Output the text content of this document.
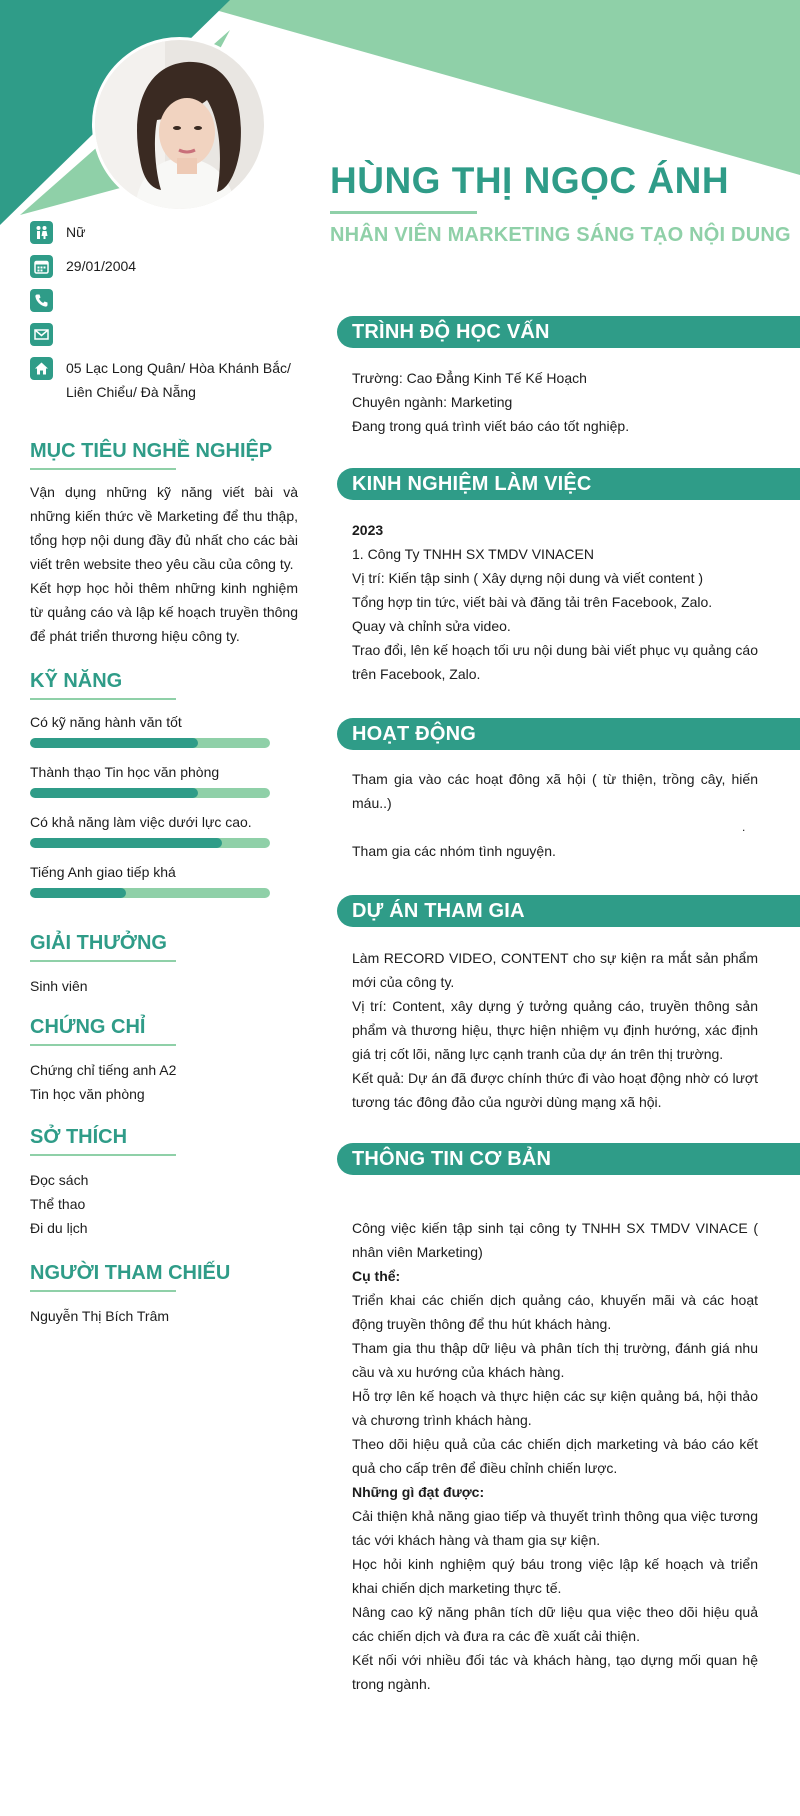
HÙNG THỊ NGỌC ÁNH
NHÂN VIÊN MARKETING SÁNG TẠO NỘI DUNG
Nữ
29/01/2004
05 Lạc Long Quân/ Hòa Khánh Bắc/
Liên Chiểu/ Đà Nẵng
MỤC TIÊU NGHỀ NGHIỆP
Vận dụng những kỹ năng viết bài và những kiến thức về Marketing để thu thập, tổng hợp nội dung đầy đủ nhất cho các bài viết trên website theo yêu cầu của công ty.
Kết hợp học hỏi thêm những kinh nghiệm từ quảng cáo và lập kế hoạch truyền thông để phát triển thương hiệu công ty.
KỸ NĂNG
Có kỹ năng hành văn tốt
Thành thạo Tin học văn phòng
Có khả năng làm việc dưới lực cao.
Tiếng Anh giao tiếp khá
GIẢI THƯỞNG
Sinh viên
CHỨNG CHỈ
Chứng chỉ tiếng anh A2
Tin học văn phòng
SỞ THÍCH
Đọc sách
Thể thao
Đi du lịch
NGƯỜI THAM CHIẾU
Nguyễn Thị Bích Trâm
TRÌNH ĐỘ HỌC VẤN

Trường: Cao Đẳng Kinh Tế Kế Hoạch

Chuyên ngành: Marketing

Đang trong quá trình viết báo cáo tốt nghiệp.

KINH NGHIỆM LÀM VIỆC

2023

1. Công Ty TNHH SX TMDV VINACEN

Vị trí: Kiến tập sinh ( Xây dựng nội dung và viết content )

Tổng hợp tin tức, viết bài và đăng tải trên Facebook, Zalo.

Quay và chỉnh sửa video.

Trao đổi, lên kế hoạch tối ưu nội dung bài viết phục vụ quảng cáo trên Facebook, Zalo.

HOẠT ĐỘNG

Tham gia vào các hoạt đông xã hội ( từ thiện, trồng cây, hiến máu..)

Tham gia các nhóm tình nguyện.

.
DỰ ÁN THAM GIA

Làm RECORD VIDEO, CONTENT cho sự kiện ra mắt sản phẩm mới của công ty.

Vị trí: Content, xây dựng ý tưởng quảng cáo, truyền thông sản phẩm và thương hiệu, thực hiện nhiệm vụ định hướng, xác định giá trị cốt lõi, năng lực cạnh tranh của dự án trên thị trường.

Kết quả: Dự án đã được chính thức đi vào hoạt động nhờ có lượt tương tác đông đảo của người dùng mạng xã hội.

THÔNG TIN CƠ BẢN

Công việc kiến tập sinh tại công ty TNHH SX TMDV VINACE ( nhân viên Marketing)

Cụ thể:

Triển khai các chiến dịch quảng cáo, khuyến mãi và các hoạt động truyền thông để thu hút khách hàng.

Tham gia thu thập dữ liệu và phân tích thị trường, đánh giá nhu cầu và xu hướng của khách hàng.

Hỗ trợ lên kế hoạch và thực hiện các sự kiện quảng bá, hội thảo và chương trình khách hàng.

Theo dõi hiệu quả của các chiến dịch marketing và báo cáo kết quả cho cấp trên để điều chỉnh chiến lược.

Những gì đạt được:

Cải thiện khả năng giao tiếp và thuyết trình thông qua việc tương tác với khách hàng và tham gia sự kiện.

Học hỏi kinh nghiệm quý báu trong việc lập kế hoạch và triển khai chiến dịch marketing thực tế.

Nâng cao kỹ năng phân tích dữ liệu qua việc theo dõi hiệu quả các chiến dịch và đưa ra các đề xuất cải thiện.

Kết nối với nhiều đối tác và khách hàng, tạo dựng mối quan hệ trong ngành.
